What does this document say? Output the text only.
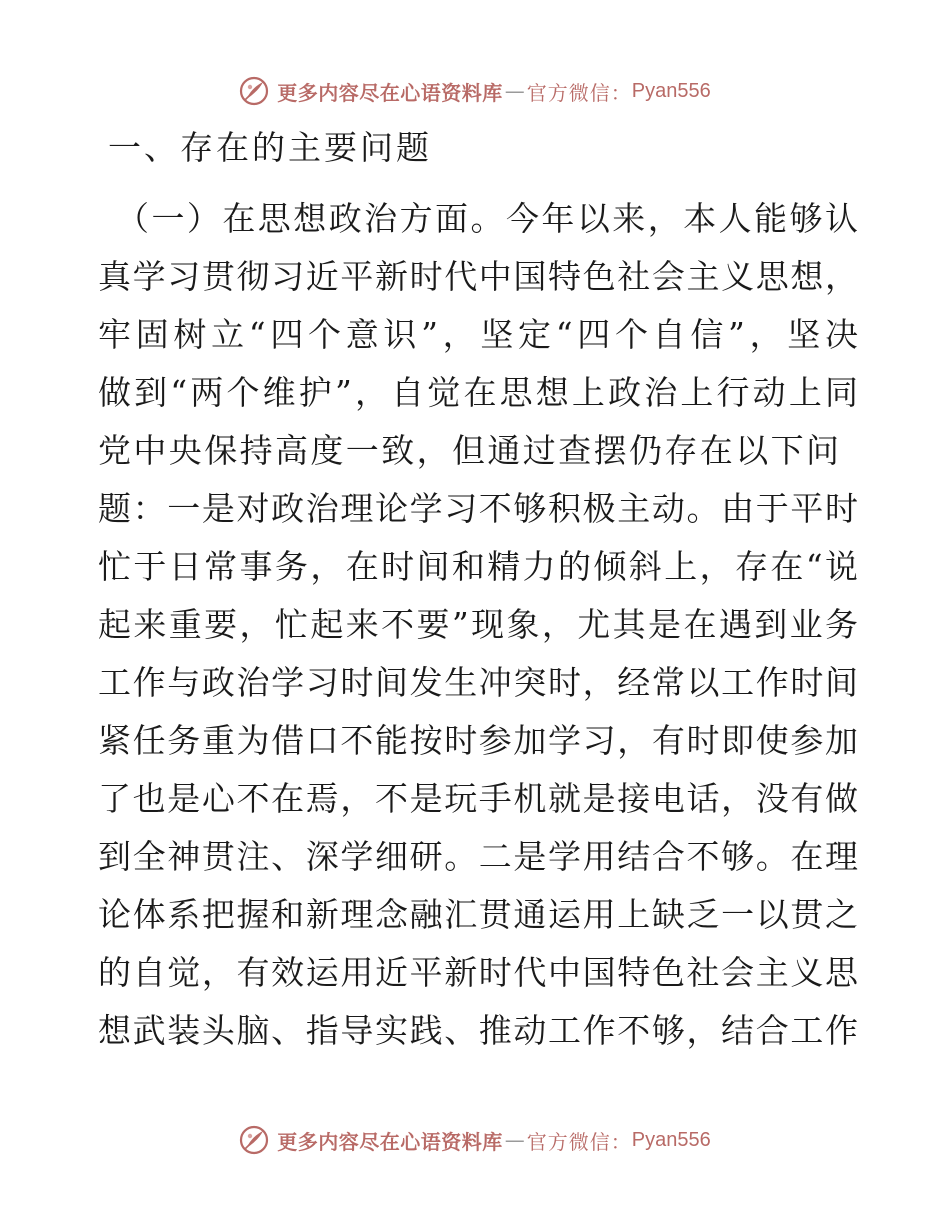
更多内容尽在心语资料库 — 官方微信： Pyan556
一、存在的主要问题
（一）在思想政治方面。今年以来，本人能够认
真学习贯彻习近平新时代中国特色社会主义思想，
牢固树立“四个意识”，坚定“四个自信”，坚决
做到“两个维护”，自觉在思想上政治上行动上同
党中央保持高度一致，但通过查摆仍存在以下问
题：一是对政治理论学习不够积极主动。由于平时
忙于日常事务，在时间和精力的倾斜上，存在“说
起来重要，忙起来不要”现象，尤其是在遇到业务
工作与政治学习时间发生冲突时，经常以工作时间
紧任务重为借口不能按时参加学习，有时即使参加
了也是心不在焉，不是玩手机就是接电话，没有做
到全神贯注、深学细研。二是学用结合不够。在理
论体系把握和新理念融汇贯通运用上缺乏一以贯之
的自觉，有效运用近平新时代中国特色社会主义思
想武装头脑、指导实践、推动工作不够，结合工作
更多内容尽在心语资料库 — 官方微信： Pyan556
